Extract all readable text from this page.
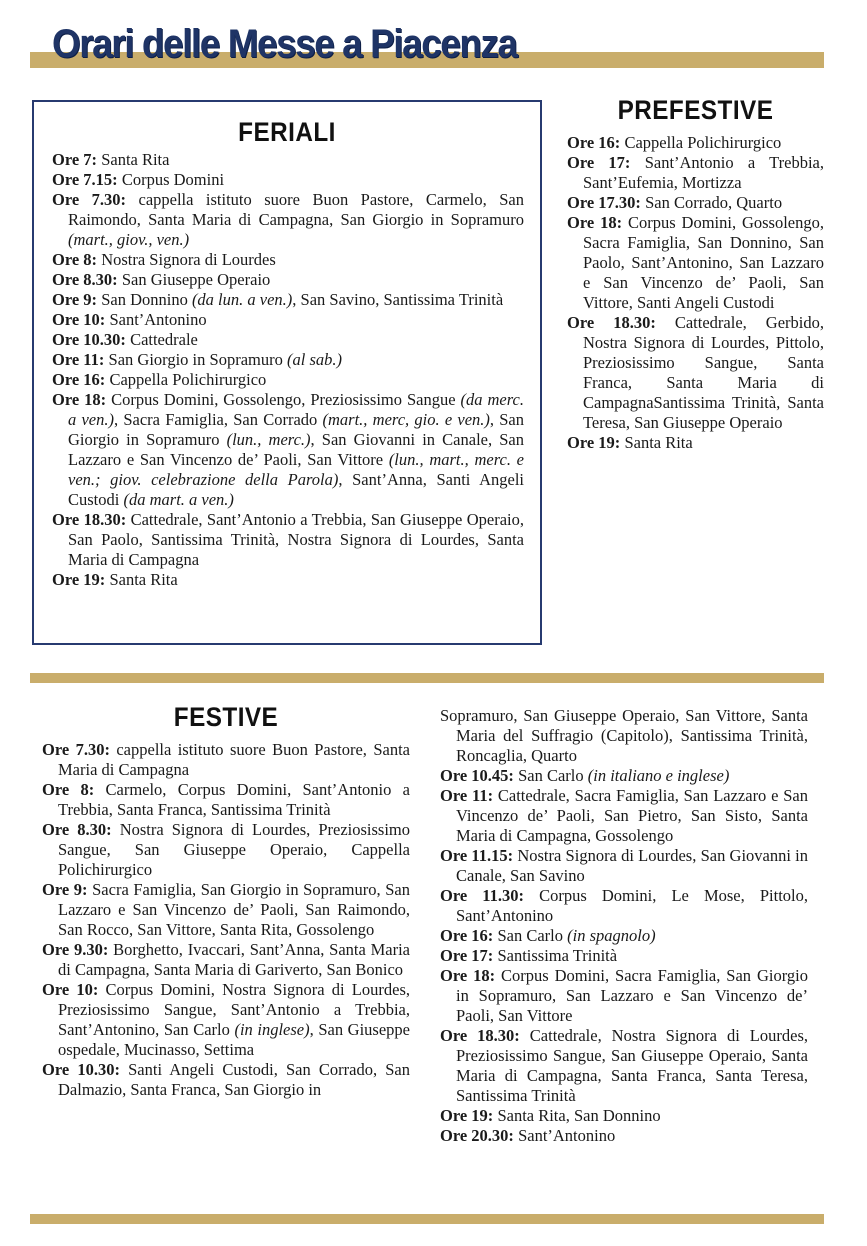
Orari delle Messe a Piacenza
FERIALI
Ore 7: Santa Rita
Ore 7.15: Corpus Domini
Ore 7.30: cappella istituto suore Buon Pastore, Carmelo, San Raimondo, Santa Maria di Campagna, San Giorgio in Sopramuro (mart., giov., ven.)
Ore 8: Nostra Signora di Lourdes
Ore 8.30: San Giuseppe Operaio
Ore 9: San Donnino (da lun. a ven.), San Savino, Santissima Trinità
Ore 10: Sant’Antonino
Ore 10.30: Cattedrale
Ore 11: San Giorgio in Sopramuro (al sab.)
Ore 16: Cappella Polichirurgico
Ore 18: Corpus Domini, Gossolengo, Preziosissimo Sangue (da merc. a ven.), Sacra Famiglia, San Corrado (mart., merc, gio. e ven.), San Giorgio in Sopramuro (lun., merc.), San Giovanni in Canale, San Lazzaro e San Vincenzo de’ Paoli, San Vittore (lun., mart., merc. e ven.; giov. celebrazione della Parola), Sant’Anna, Santi Angeli Custodi (da mart. a ven.)
Ore 18.30: Cattedrale, Sant’Antonio a Trebbia, San Giuseppe Operaio, San Paolo, Santissima Trinità, Nostra Signora di Lourdes, Santa Maria di Campagna
Ore 19: Santa Rita
PREFESTIVE
Ore 16: Cappella Polichirurgico
Ore 17: Sant’Antonio a Trebbia, Sant’Eufemia, Mortizza
Ore 17.30: San Corrado, Quarto
Ore 18: Corpus Domini, Gossolengo, Sacra Famiglia, San Donnino, San Paolo, Sant’Antonino, San Lazzaro e San Vincenzo de’ Paoli, San Vittore, Santi Angeli Custodi
Ore 18.30: Cattedrale, Gerbido, Nostra Signora di Lourdes, Pittolo, Preziosissimo Sangue, Santa Franca, Santa Maria di CampagnaSantissima Trinità, Santa Teresa, San Giuseppe Operaio
Ore 19: Santa Rita
FESTIVE
Ore 7.30: cappella istituto suore Buon Pastore, Santa Maria di Campagna
Ore 8: Carmelo, Corpus Domini, Sant’Antonio a Trebbia, Santa Franca, Santissima Trinità
Ore 8.30: Nostra Signora di Lourdes, Preziosissimo Sangue, San Giuseppe Operaio, Cappella Polichirurgico
Ore 9: Sacra Famiglia, San Giorgio in Sopramuro, San Lazzaro e San Vincenzo de’ Paoli, San Raimondo, San Rocco, San Vittore, Santa Rita, Gossolengo
Ore 9.30: Borghetto, Ivaccari, Sant’Anna, Santa Maria di Campagna, Santa Maria di Gariverto, San Bonico
Ore 10: Corpus Domini, Nostra Signora di Lourdes, Preziosissimo Sangue, Sant’Antonio a Trebbia, Sant’Antonino, San Carlo (in inglese), San Giuseppe ospedale, Mucinasso, Settima
Ore 10.30: Santi Angeli Custodi, San Corrado, San Dalmazio, Santa Franca, San Giorgio in
Sopramuro, San Giuseppe Operaio, San Vittore, Santa Maria del Suffragio (Capitolo), Santissima Trinità, Roncaglia, Quarto
Ore 10.45: San Carlo (in italiano e inglese)
Ore 11: Cattedrale, Sacra Famiglia, San Lazzaro e San Vincenzo de’ Paoli, San Pietro, San Sisto, Santa Maria di Campagna, Gossolengo
Ore 11.15: Nostra Signora di Lourdes, San Giovanni in Canale, San Savino
Ore 11.30: Corpus Domini, Le Mose, Pittolo, Sant’Antonino
Ore 16: San Carlo (in spagnolo)
Ore 17: Santissima Trinità
Ore 18: Corpus Domini, Sacra Famiglia, San Giorgio in Sopramuro, San Lazzaro e San Vincenzo de’ Paoli, San Vittore
Ore 18.30: Cattedrale, Nostra Signora di Lourdes, Preziosissimo Sangue, San Giuseppe Operaio, Santa Maria di Campagna, Santa Franca, Santa Teresa, Santissima Trinità
Ore 19: Santa Rita, San Donnino
Ore 20.30: Sant’Antonino
